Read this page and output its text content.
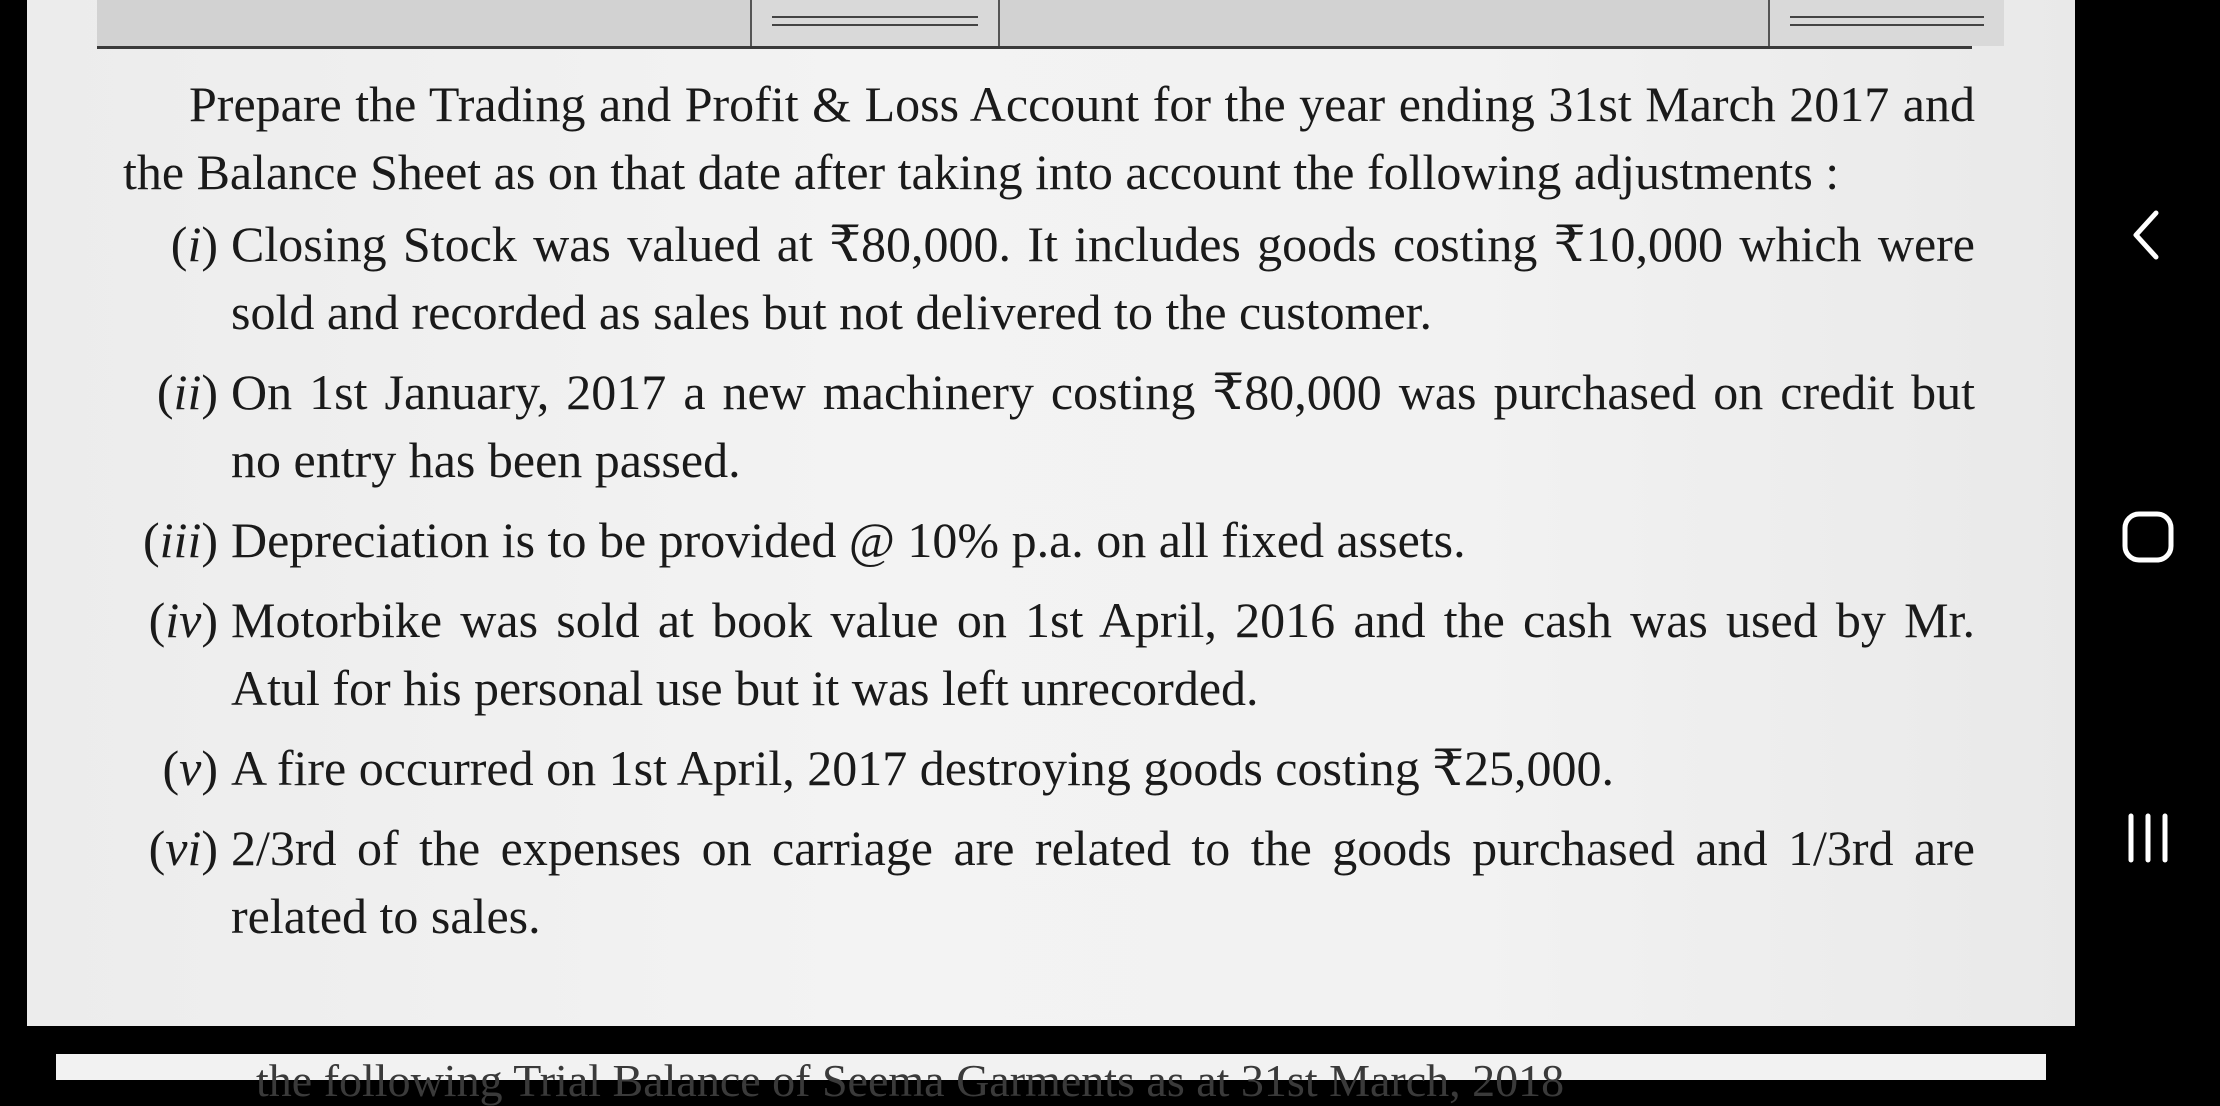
Prepare the Trading and Profit & Loss Account for the year ending 31st March 2017 and the Balance Sheet as on that date after taking into account the following adjustments :

(i) Closing Stock was valued at ₹80,000. It includes goods costing ₹10,000 which were sold and recorded as sales but not delivered to the customer.
(ii) On 1st January, 2017 a new machinery costing ₹80,000 was purchased on credit but no entry has been passed.
(iii) Depreciation is to be provided @ 10% p.a. on all fixed assets.
(iv) Motorbike was sold at book value on 1st April, 2016 and the cash was used by Mr. Atul for his personal use but it was left unrecorded.
(v) A fire occurred on 1st April, 2017 destroying goods costing ₹25,000.
(vi) 2/3rd of the expenses on carriage are related to the goods purchased and 1/3rd are related to sales.
the following Trial Balance of Seema Garments as at 31st March, 2018
